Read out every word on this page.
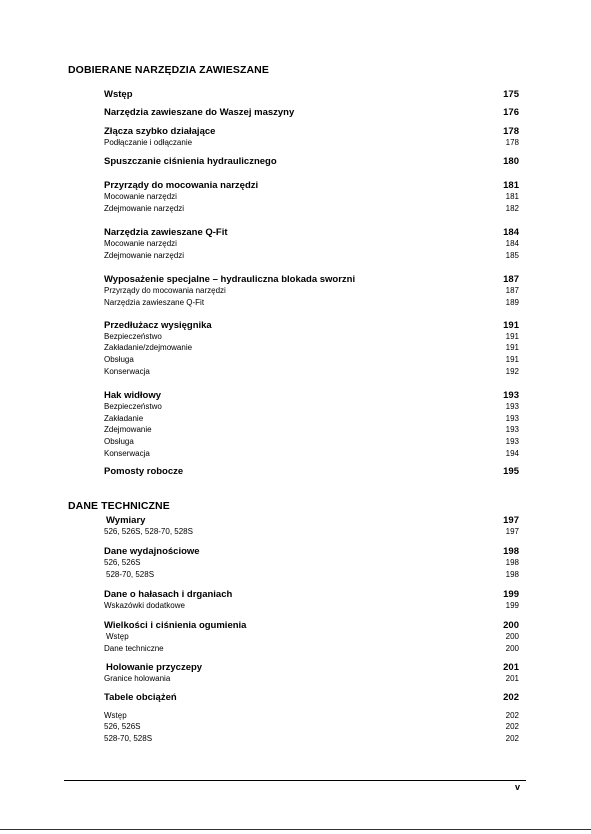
DOBIERANE NARZĘDZIA ZAWIESZANE
Wstęp	175
Narzędzia zawieszane do Waszej maszyny	176
Złącza szybko działające	178
Podłączanie i odłączanie	178
Spuszczanie ciśnienia hydraulicznego	180
Przyrządy do mocowania narzędzi	181
Mocowanie narzędzi	181
Zdejmowanie narzędzi	182
Narzędzia zawieszane Q-Fit	184
Mocowanie narzędzi	184
Zdejmowanie narzędzi	185
Wyposażenie specjalne – hydrauliczna blokada sworzni	187
Przyrządy do mocowania narzędzi	187
Narzędzia zawieszane Q-Fit	189
Przedłużacz wysięgnika	191
Bezpieczeństwo	191
Zakładanie/zdejmowanie	191
Obsługa	191
Konserwacja	192
Hak widłowy	193
Bezpieczeństwo	193
Zakładanie	193
Zdejmowanie	193
Obsługa	193
Konserwacja	194
Pomosty robocze	195
DANE TECHNICZNE
Wymiary	197
526, 526S, 528-70, 528S	197
Dane wydajnościowe	198
526, 526S	198
528-70, 528S	198
Dane o hałasach i drganiach	199
Wskazówki dodatkowe	199
Wielkości i ciśnienia ogumienia	200
Wstęp	200
Dane techniczne	200
Holowanie przyczepy	201
Granice holowania	201
Tabele obciążeń	202
Wstęp	202
526, 526S	202
528-70, 528S	202
v
